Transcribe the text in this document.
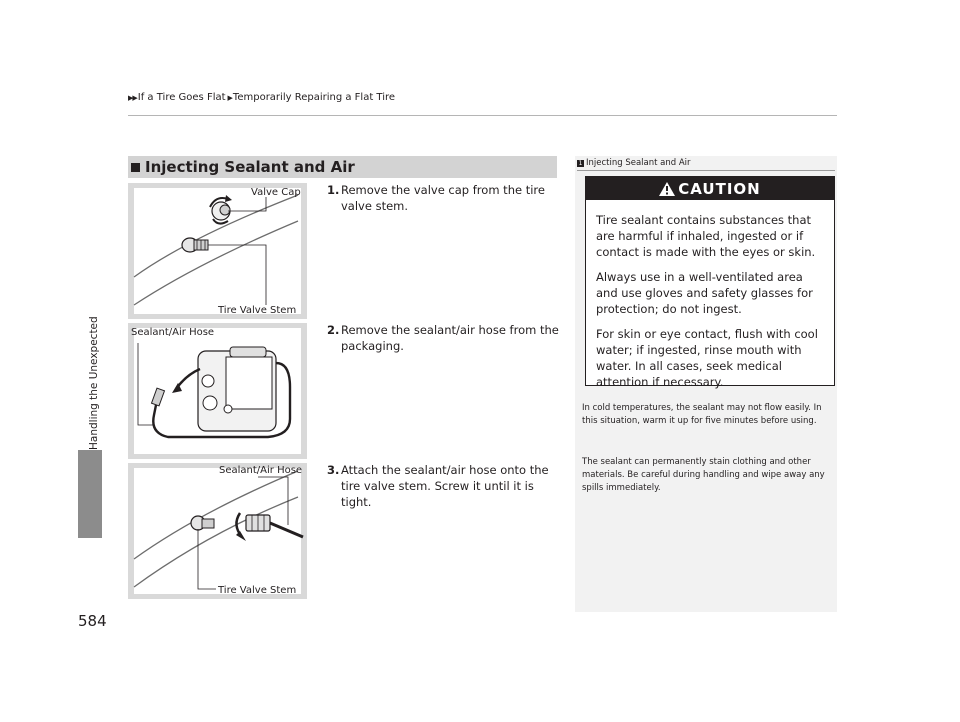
▶▶ If a Tire Goes Flat ▶ Temporarily Repairing a Flat Tire
Handling the Unexpected
584
Injecting Sealant and Air
Valve Cap
Tire Valve Stem
Sealant/Air Hose
Sealant/Air Hose
Tire Valve Stem
1. Remove the valve cap from the tire valve stem.
2. Remove the sealant/air hose from the packaging.
3. Attach the sealant/air hose onto the tire valve stem. Screw it until it is tight.
1 Injecting Sealant and Air
CAUTION

Tire sealant contains substances that are harmful if inhaled, ingested or if contact is made with the eyes or skin.

Always use in a well-ventilated area and use gloves and safety glasses for protection; do not ingest.

For skin or eye contact, flush with cool water; if ingested, rinse mouth with water. In all cases, seek medical attention if necessary.

In cold temperatures, the sealant may not flow easily. In this situation, warm it up for five minutes before using.

The sealant can permanently stain clothing and other materials. Be careful during handling and wipe away any spills immediately.
